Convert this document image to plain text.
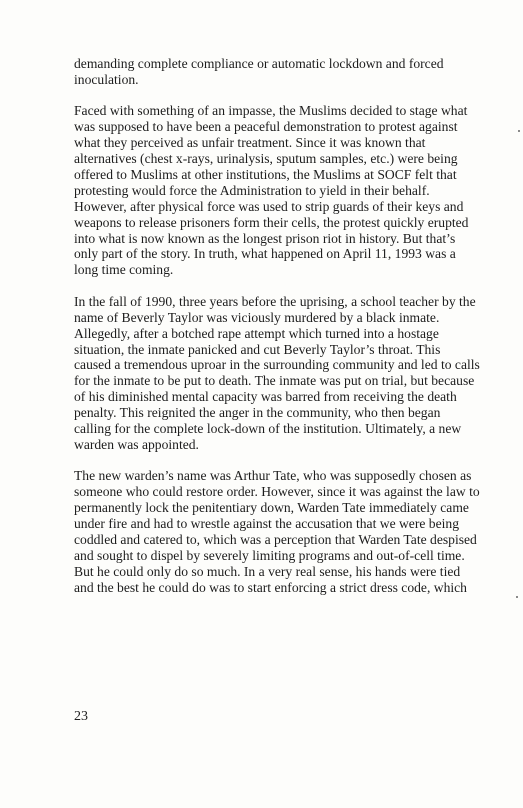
demanding complete compliance or automatic lockdown and forced inoculation.

Faced with something of an impasse, the Muslims decided to stage what was supposed to have been a peaceful demonstration to protest against what they perceived as unfair treatment. Since it was known that alternatives (chest x-rays, urinalysis, sputum samples, etc.) were being offered to Muslims at other institutions, the Muslims at SOCF felt that protesting would force the Administration to yield in their behalf. However, after physical force was used to strip guards of their keys and weapons to release prisoners form their cells, the protest quickly erupted into what is now known as the longest prison riot in history. But that’s only part of the story. In truth, what happened on April 11, 1993 was a long time coming.

In the fall of 1990, three years before the uprising, a school teacher by the name of Beverly Taylor was viciously murdered by a black inmate. Allegedly, after a botched rape attempt which turned into a hostage situation, the inmate panicked and cut Beverly Taylor’s throat. This caused a tremendous uproar in the surrounding community and led to calls for the inmate to be put to death. The inmate was put on trial, but because of his diminished mental capacity was barred from receiving the death penalty. This reignited the anger in the community, who then began calling for the complete lock-down of the institution. Ultimately, a new warden was appointed.

The new warden’s name was Arthur Tate, who was supposedly chosen as someone who could restore order. However, since it was against the law to permanently lock the penitentiary down, Warden Tate immediately came under fire and had to wrestle against the accusation that we were being coddled and catered to, which was a perception that Warden Tate despised and sought to dispel by severely limiting programs and out-of-cell time. But he could only do so much. In a very real sense, his hands were tied and the best he could do was to start enforcing a strict dress code, which

23
